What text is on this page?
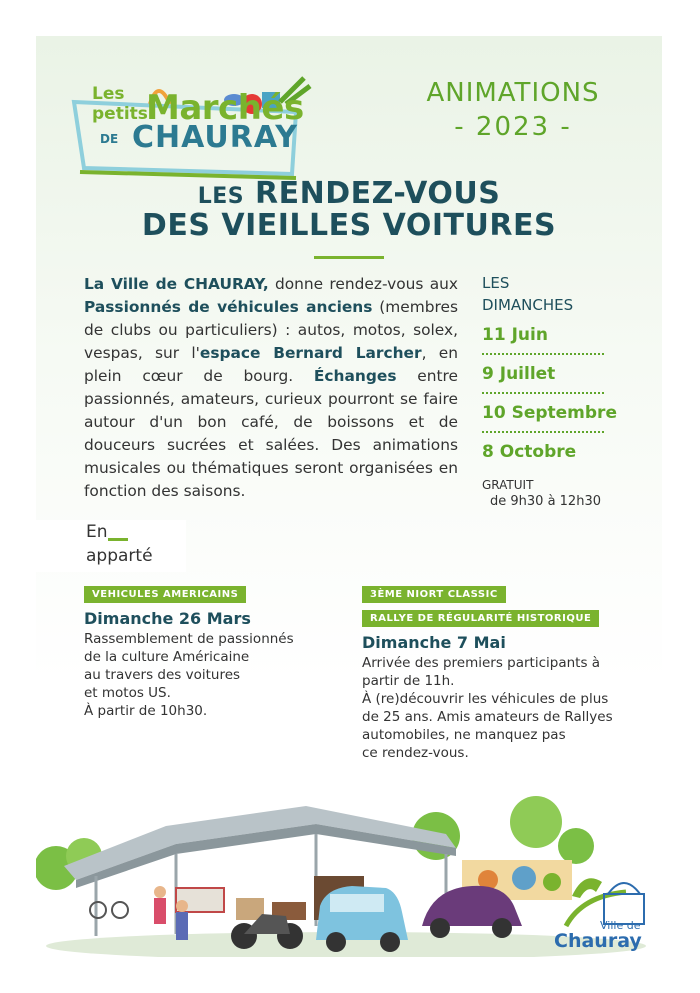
Les
petits
Marchés
DE CHAURAY
ANIMATIONS
- 2023 -
LES RENDEZ-VOUS
DES VIEILLES VOITURES
La Ville de CHAURAY, donne rendez-vous aux Passionnés de véhicules anciens (membres de clubs ou particuliers) : autos, motos, solex, vespas, sur l'espace Bernard Larcher, en plein cœur de bourg. Échanges entre passionnés, amateurs, curieux pourront se faire autour d'un bon café, de boissons et de douceurs sucrées et salées. Des animations musicales ou thématiques seront organisées en fonction des saisons.
LES
DIMANCHES
11 Juin
9 Juillet
10 Septembre
8 Octobre
GRATUIT
de 9h30 à 12h30
En
apparté
VEHICULES AMERICAINS
Dimanche 26 Mars
Rassemblement de passionnés
de la culture Américaine
au travers des voitures
et motos US.
À partir de 10h30.
3ÈME NIORT CLASSIC
RALLYE DE RÉGULARITÉ HISTORIQUE
Dimanche 7 Mai
Arrivée des premiers participants à
partir de 11h.
À (re)découvrir les véhicules de plus
de 25 ans. Amis amateurs de Rallyes
automobiles, ne manquez pas
ce rendez-vous.
Ville de
Chauray
